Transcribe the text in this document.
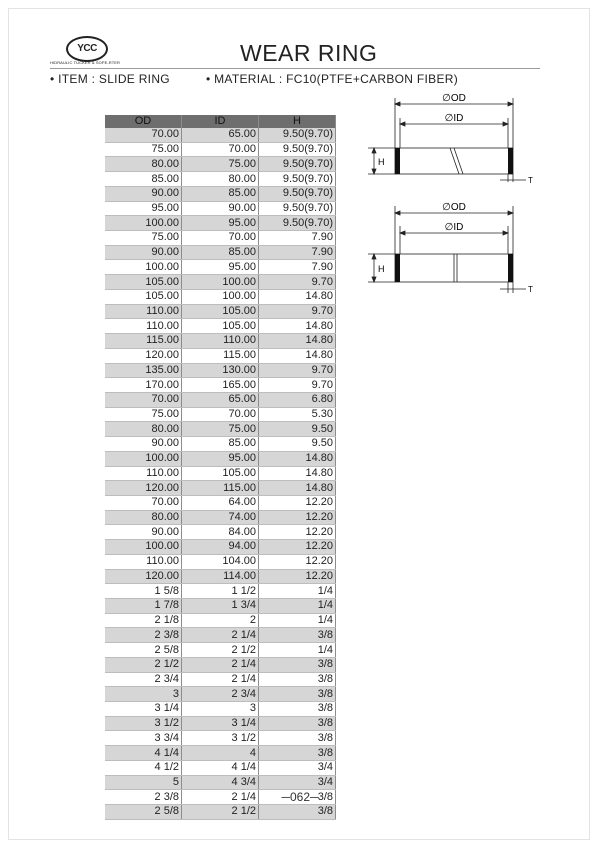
YCC
HIDRAULIC TUCKER & SOPE-RTER	WEAR RING
• ITEM : SLIDE RING	• MATERIAL : FC10(PTFE+CARBON FIBER)
OD	ID	H
70.00	65.00	9.50(9.70)
75.00	70.00	9.50(9.70)
80.00	75.00	9.50(9.70)
85.00	80.00	9.50(9.70)
90.00	85.00	9.50(9.70)
95.00	90.00	9.50(9.70)
100.00	95.00	9.50(9.70)
75.00	70.00	7.90
90.00	85.00	7.90
100.00	95.00	7.90
105.00	100.00	9.70
105.00	100.00	14.80
110.00	105.00	9.70
110.00	105.00	14.80
115.00	110.00	14.80
120.00	115.00	14.80
135.00	130.00	9.70
170.00	165.00	9.70
70.00	65.00	6.80
75.00	70.00	5.30
80.00	75.00	9.50
90.00	85.00	9.50
100.00	95.00	14.80
110.00	105.00	14.80
120.00	115.00	14.80
70.00	64.00	12.20
80.00	74.00	12.20
90.00	84.00	12.20
100.00	94.00	12.20
110.00	104.00	12.20
120.00	114.00	12.20
1 5/8	1 1/2	1/4
1 7/8	1 3/4	1/4
2 1/8	2	1/4
2 3/8	2 1/4	3/8
2 5/8	2 1/2	1/4
2 1/2	2 1/4	3/8
2 3/4	2 1/4	3/8
3	2 3/4	3/8
3 1/4	3	3/8
3 1/2	3 1/4	3/8
3 3/4	3 1/2	3/8
4 1/4	4	3/8
4 1/2	4 1/4	3/4
5	4 3/4	3/4
2 3/8	2 1/4	3/8
2 5/8	2 1/2	3/8
∅OD
∅ID
H
T
∅OD
∅ID
H
T
─062─
